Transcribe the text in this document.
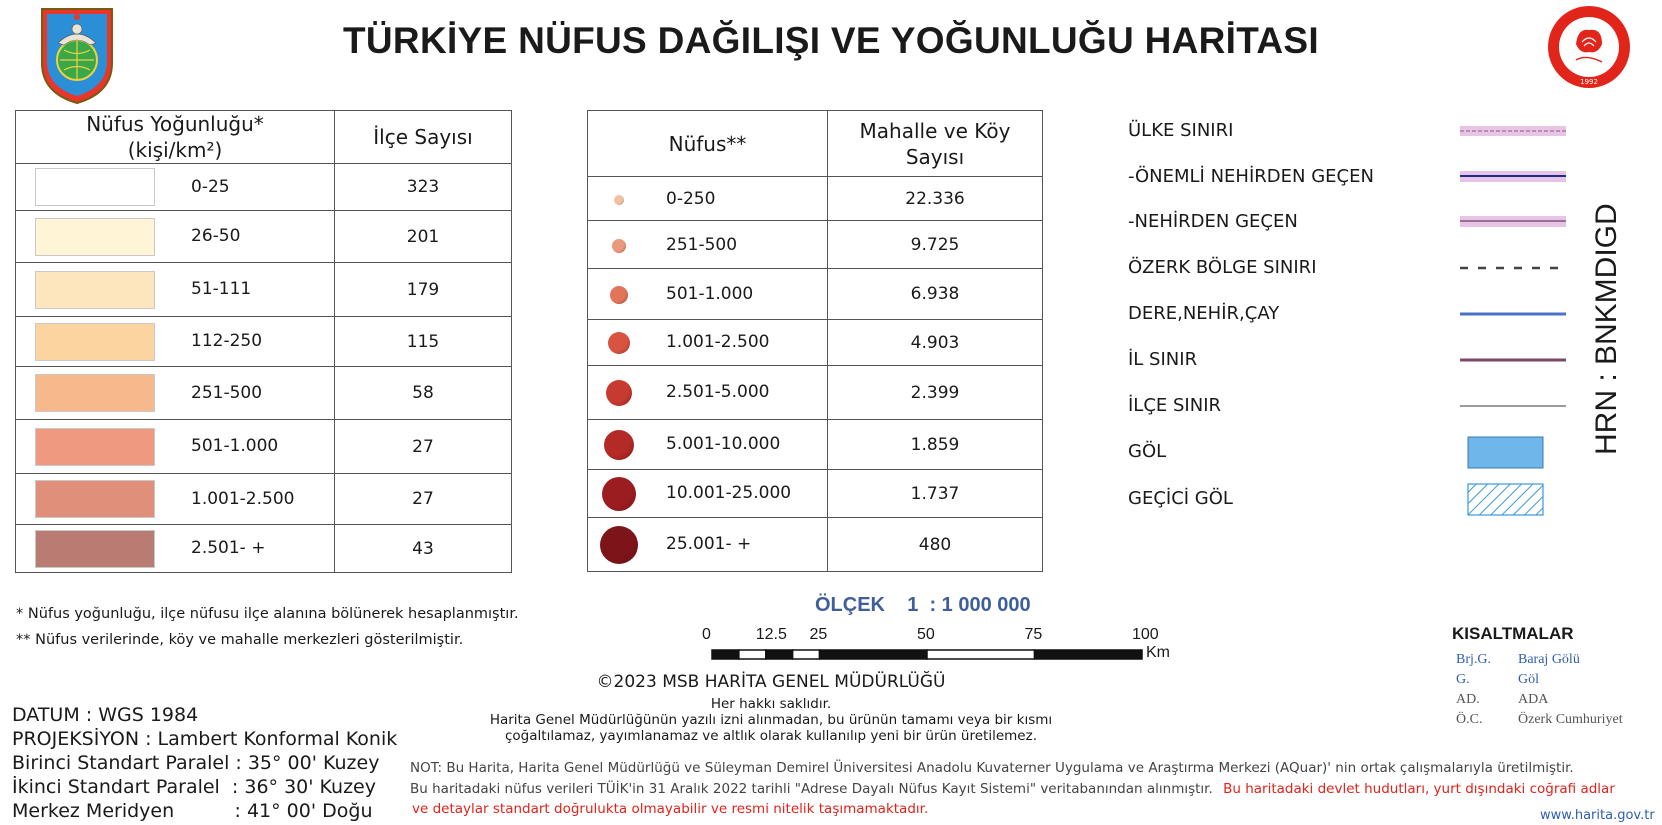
TÜRKİYE NÜFUS DAĞILIŞI VE YOĞUNLUĞU HARİTASI
1992
Nüfus Yoğunluğu*
(kişi/km²)	İlçe Sayısı
0-25	323
26-50	201
51-111	179
112-250	115
251-500	58
501-1.000	27
1.001-2.500	27
2.501- +	43
Nüfus**	Mahalle ve Köy
Sayısı

0-250	22.336
251-500	9.725
501-1.000	6.938
1.001-2.500	4.903
2.501-5.000	2.399
5.001-10.000	1.859
10.001-25.000	1.737
25.001- +	480
ÜLKE SINIRI
-ÖNEMLİ NEHİRDEN GEÇEN
-NEHİRDEN GEÇEN
ÖZERK BÖLGE SINIRI
DERE,NEHİR,ÇAY
İL SINIR
İLÇE SINIR
GÖL
GEÇİCİ GÖL
HRN : BNKMDIGD
* Nüfus yoğunluğu, ilçe nüfusu ilçe alanına bölünerek hesaplanmıştır.
** Nüfus verilerinde, köy ve mahalle merkezleri gösterilmiştir.
ÖLÇEK    1  : 1 000 000
0	12.5 25	50	75	100
Km
©2023 MSB HARİTA GENEL MÜDÜRLÜĞÜ
Her hakkı saklıdır.
Harita Genel Müdürlüğünün yazılı izni alınmadan, bu ürünün tamamı veya bir kısmı
çoğaltılamaz, yayımlanamaz ve altlık olarak kullanılıp yeni bir ürün üretilemez.
DATUM : WGS 1984
PROJEKSİYON : Lambert Konformal Konik
Birinci Standart Paralel : 35° 00' Kuzey
İkinci Standart Paralel  : 36° 30' Kuzey
Merkez Meridyen          : 41° 00' Doğu
KISALTMALAR
Brj.G. Baraj Gölü
G.	Göl
AD.	ADA
Ö.C.	Özerk Cumhuriyet
NOT: Bu Harita, Harita Genel Müdürlüğü ve Süleyman Demirel Üniversitesi Anadolu Kuvaterner Uygulama ve Araştırma Merkezi (AQuar)' nin ortak çalışmalarıyla üretilmiştir.
Bu haritadaki nüfus verileri TÜİK'in 31 Aralık 2022 tarihli "Adrese Dayalı Nüfus Kayıt Sistemi" veritabanından alınmıştır. Bu haritadaki devlet hudutları, yurt dışındaki coğrafi adlar
ve detaylar standart doğrulukta olmayabilir ve resmi nitelik taşımamaktadır.	www.harita.gov.tr
